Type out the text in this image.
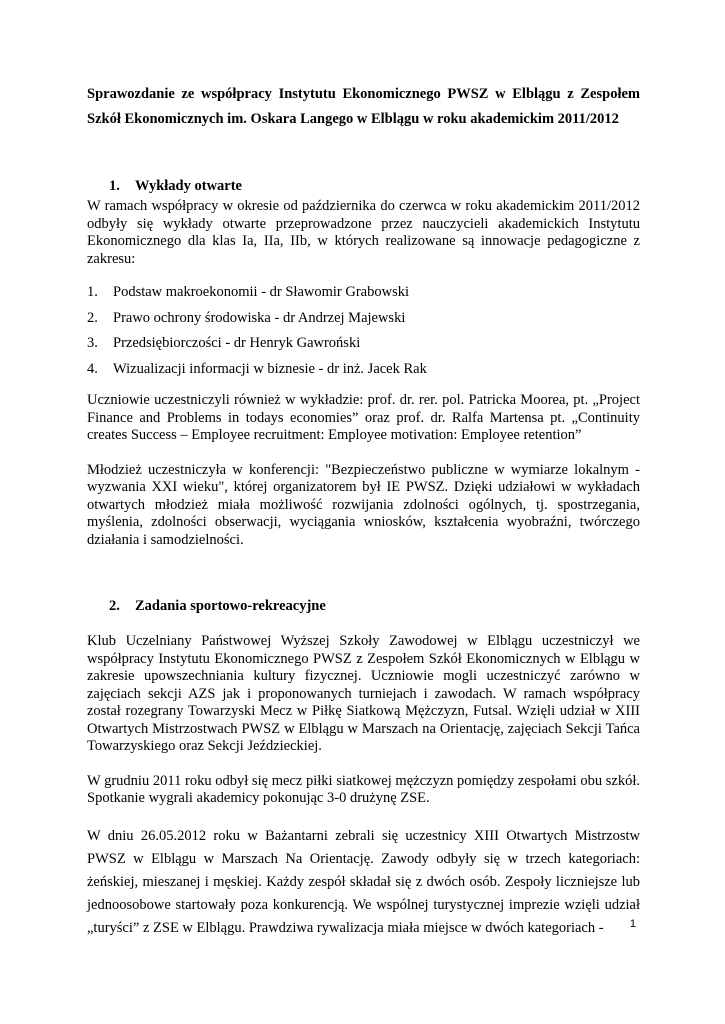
Sprawozdanie ze współpracy Instytutu Ekonomicznego PWSZ w Elblągu z Zespołem
Szkół Ekonomicznych im. Oskara Langego w Elblągu w roku akademickim 2011/2012
1. Wykłady otwarte

W ramach współpracy w okresie od października do czerwca w roku akademickim 2011/2012 odbyły się wykłady otwarte przeprowadzone przez nauczycieli akademickich Instytutu Ekonomicznego dla klas Ia, IIa, IIb, w których realizowane są innowacje pedagogiczne z zakresu:

1. Podstaw makroekonomii - dr Sławomir Grabowski
2. Prawo ochrony środowiska - dr Andrzej Majewski
3. Przedsiębiorczości - dr Henryk Gawroński
4. Wizualizacji informacji w biznesie - dr inż. Jacek Rak

Uczniowie uczestniczyli również w wykładzie: prof. dr. rer. pol. Patricka Moorea, pt. „Project Finance and Problems in todays economies” oraz prof. dr. Ralfa Martensa pt. „Continuity creates Success – Employee recruitment: Employee motivation: Employee retention”

Młodzież uczestniczyła w konferencji: "Bezpieczeństwo publiczne w wymiarze lokalnym - wyzwania XXI wieku", której organizatorem był IE PWSZ. Dzięki udziałowi w wykładach otwartych młodzież miała możliwość rozwijania zdolności ogólnych, tj. spostrzegania, myślenia, zdolności obserwacji, wyciągania wniosków, kształcenia wyobraźni, twórczego działania i samodzielności.

2. Zadania sportowo-rekreacyjne

Klub Uczelniany Państwowej Wyższej Szkoły Zawodowej w Elblągu uczestniczył we współpracy Instytutu Ekonomicznego PWSZ z Zespołem Szkół Ekonomicznych w Elblągu w zakresie upowszechniania kultury fizycznej. Uczniowie mogli uczestniczyć zarówno w zajęciach sekcji AZS jak i proponowanych turniejach i zawodach. W ramach współpracy został rozegrany Towarzyski Mecz w Piłkę Siatkową Mężczyzn, Futsal. Wzięli udział w XIII Otwartych Mistrzostwach PWSZ w Elblągu w Marszach na Orientację, zajęciach Sekcji Tańca Towarzyskiego oraz Sekcji Jeździeckiej.

W grudniu 2011 roku odbył się mecz piłki siatkowej mężczyzn pomiędzy zespołami obu szkół. Spotkanie wygrali akademicy pokonując 3-0 drużynę ZSE.

W dniu 26.05.2012 roku w Bażantarni zebrali się uczestnicy XIII Otwartych Mistrzostw PWSZ w Elblągu w Marszach Na Orientację. Zawody odbyły się w trzech kategoriach: żeńskiej, mieszanej i męskiej. Każdy zespół składał się z dwóch osób. Zespoły liczniejsze lub jednoosobowe startowały poza konkurencją. We wspólnej turystycznej imprezie wzięli udział „turyści” z ZSE w Elblągu. Prawdziwa rywalizacja miała miejsce w dwóch kategoriach -	1
